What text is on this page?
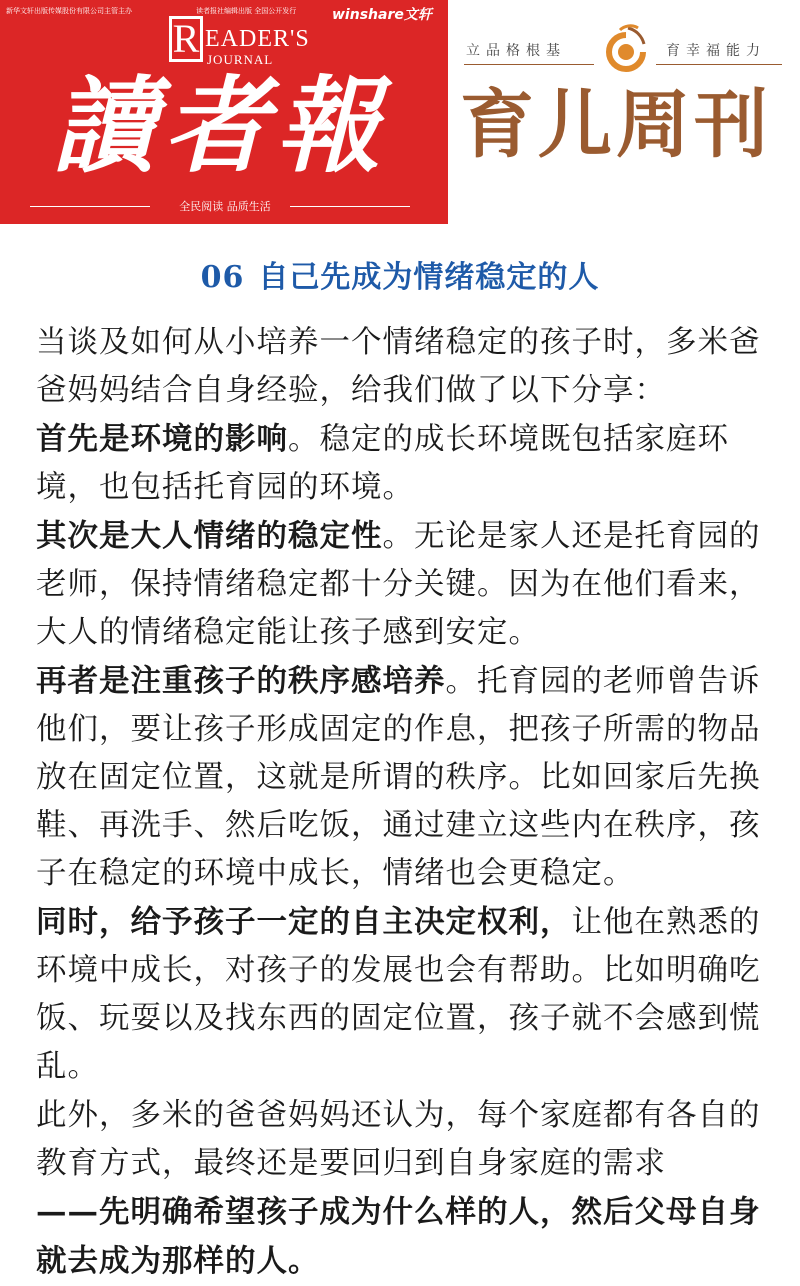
新华文轩出版传媒股份有限公司主管主办	读者报社编辑出版 全国公开发行	winshare文轩
R EADER'S
JOURNAL
讀者報
全民阅读 品质生活
立品格根基	育幸福能力
育儿周刊
06 自己先成为情绪稳定的人

当谈及如何从小培养一个情绪稳定的孩子时，多米爸爸妈妈结合自身经验，给我们做了以下分享：

首先是环境的影响。稳定的成长环境既包括家庭环境，也包括托育园的环境。

其次是大人情绪的稳定性。无论是家人还是托育园的老师，保持情绪稳定都十分关键。因为在他们看来，大人的情绪稳定能让孩子感到安定。

再者是注重孩子的秩序感培养。托育园的老师曾告诉他们，要让孩子形成固定的作息，把孩子所需的物品放在固定位置，这就是所谓的秩序。比如回家后先换鞋、再洗手、然后吃饭，通过建立这些内在秩序，孩子在稳定的环境中成长，情绪也会更稳定。

同时，给予孩子一定的自主决定权利，让他在熟悉的环境中成长，对孩子的发展也会有帮助。比如明确吃饭、玩耍以及找东西的固定位置，孩子就不会感到慌乱。

此外，多米的爸爸妈妈还认为，每个家庭都有各自的教育方式，最终还是要回归到自身家庭的需求

——先明确希望孩子成为什么样的人，然后父母自身就去成为那样的人。
